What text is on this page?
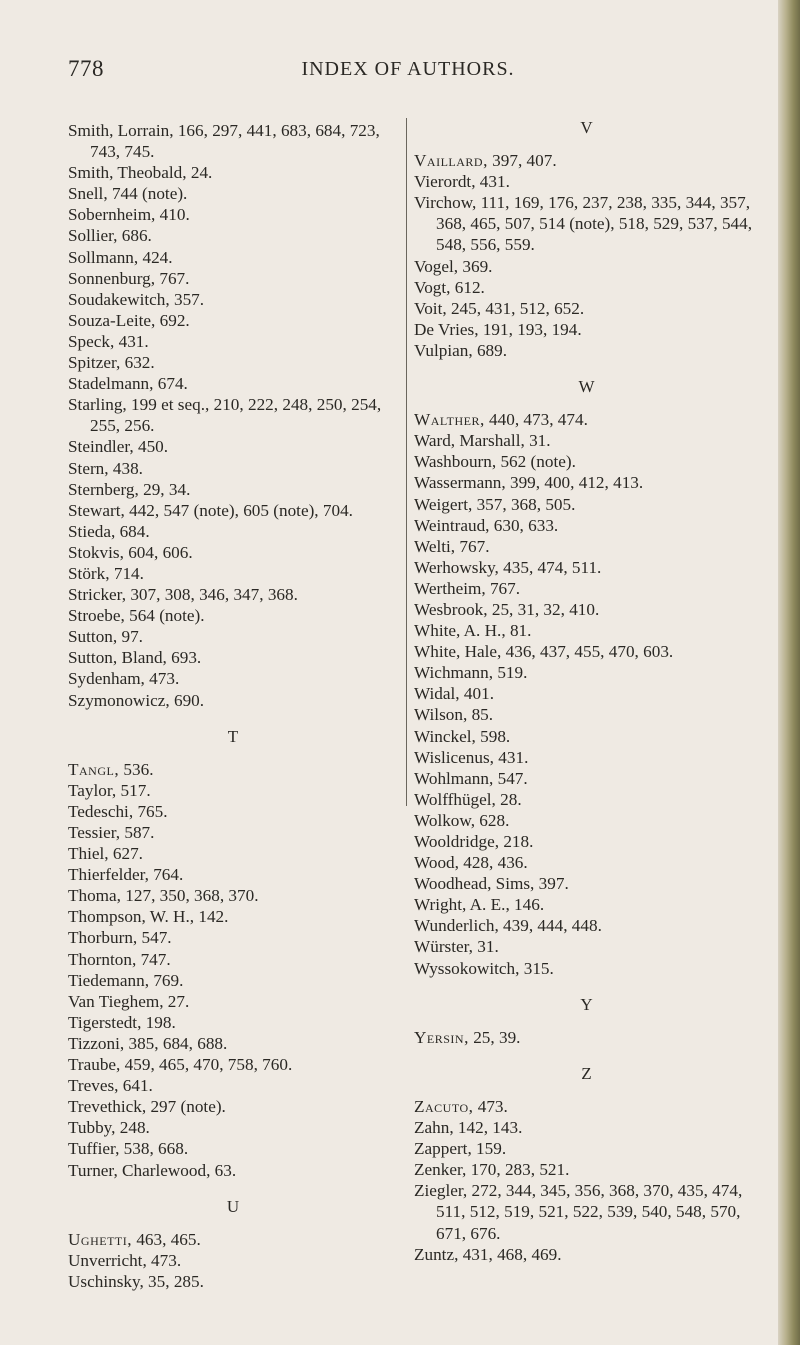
778	INDEX OF AUTHORS.
Smith, Lorrain, 166, 297, 441, 683, 684, 723, 743, 745.
Smith, Theobald, 24.
Snell, 744 (note).
Sobernheim, 410.
Sollier, 686.
Sollmann, 424.
Sonnenburg, 767.
Soudakewitch, 357.
Souza-Leite, 692.
Speck, 431.
Spitzer, 632.
Stadelmann, 674.
Starling, 199 et seq., 210, 222, 248, 250, 254, 255, 256.
Steindler, 450.
Stern, 438.
Sternberg, 29, 34.
Stewart, 442, 547 (note), 605 (note), 704.
Stieda, 684.
Stokvis, 604, 606.
Störk, 714.
Stricker, 307, 308, 346, 347, 368.
Stroebe, 564 (note).
Sutton, 97.
Sutton, Bland, 693.
Sydenham, 473.
Szymonowicz, 690.
T
Tangl, 536.
Taylor, 517.
Tedeschi, 765.
Tessier, 587.
Thiel, 627.
Thierfelder, 764.
Thoma, 127, 350, 368, 370.
Thompson, W. H., 142.
Thorburn, 547.
Thornton, 747.
Tiedemann, 769.
Van Tieghem, 27.
Tigerstedt, 198.
Tizzoni, 385, 684, 688.
Traube, 459, 465, 470, 758, 760.
Treves, 641.
Trevethick, 297 (note).
Tubby, 248.
Tuffier, 538, 668.
Turner, Charlewood, 63.
U
Ughetti, 463, 465.
Unverricht, 473.
Uschinsky, 35, 285.
V
Vaillard, 397, 407.
Vierordt, 431.
Virchow, 111, 169, 176, 237, 238, 335, 344, 357, 368, 465, 507, 514 (note), 518, 529, 537, 544, 548, 556, 559.
Vogel, 369.
Vogt, 612.
Voit, 245, 431, 512, 652.
De Vries, 191, 193, 194.
Vulpian, 689.
W
Walther, 440, 473, 474.
Ward, Marshall, 31.
Washbourn, 562 (note).
Wassermann, 399, 400, 412, 413.
Weigert, 357, 368, 505.
Weintraud, 630, 633.
Welti, 767.
Werhowsky, 435, 474, 511.
Wertheim, 767.
Wesbrook, 25, 31, 32, 410.
White, A. H., 81.
White, Hale, 436, 437, 455, 470, 603.
Wichmann, 519.
Widal, 401.
Wilson, 85.
Winckel, 598.
Wislicenus, 431.
Wohlmann, 547.
Wolffhügel, 28.
Wolkow, 628.
Wooldridge, 218.
Wood, 428, 436.
Woodhead, Sims, 397.
Wright, A. E., 146.
Wunderlich, 439, 444, 448.
Würster, 31.
Wyssokowitch, 315.
Y
Yersin, 25, 39.
Z
Zacuto, 473.
Zahn, 142, 143.
Zappert, 159.
Zenker, 170, 283, 521.
Ziegler, 272, 344, 345, 356, 368, 370, 435, 474, 511, 512, 519, 521, 522, 539, 540, 548, 570, 671, 676.
Zuntz, 431, 468, 469.
